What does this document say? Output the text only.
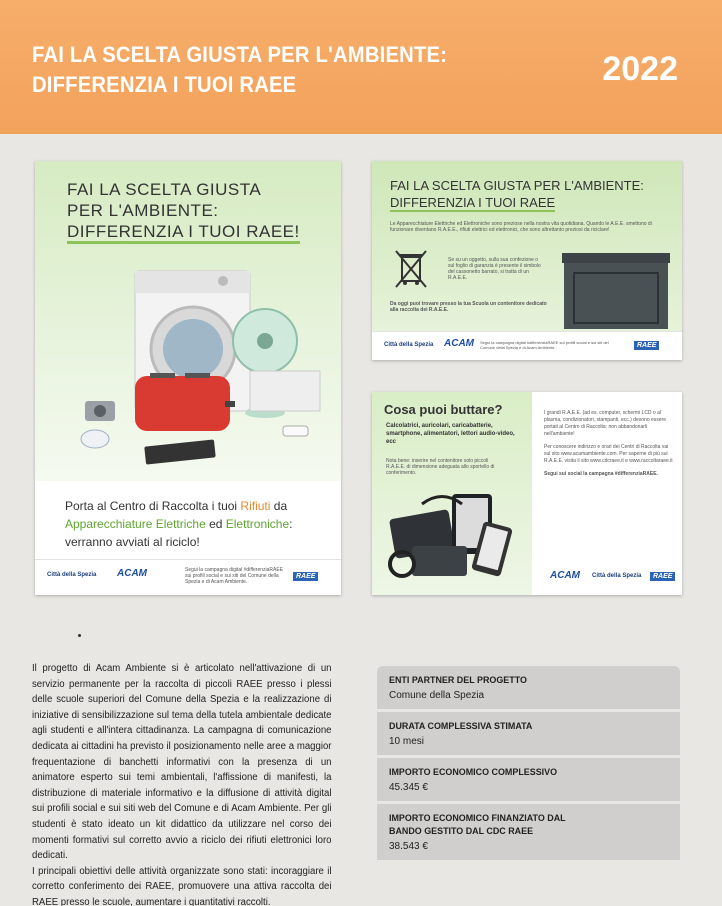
FAI LA SCELTA GIUSTA PER L'AMBIENTE:
DIFFERENZIA I TUOI RAEE	2022
FAI LA SCELTA GIUSTA
PER L'AMBIENTE:
DIFFERENZIA I TUOI RAEE!
Porta al Centro di Raccolta i tuoi Rifiuti da Apparecchiature Elettriche ed Elettroniche: verranno avviati al riciclo!
Città della Spezia ACAM	Segui la campagna digital #differenziaRAEE sui profili social e sui siti del Comune della Spezia e di Acam Ambiente.
RAEE
FAI LA SCELTA GIUSTA PER L'AMBIENTE:
DIFFERENZIA I TUOI RAEE
Le Apparecchiature Elettriche ed Elettroniche sono preziose nella nostra vita quotidiana. Quando le A.E.E. smettono di funzionare diventano R.A.E.E., rifiuti elettrici ed elettronici, che sono altrettanto preziosi da riciclare!
Se su un oggetto, sulla sua confezione o sul foglio di garanzia è presente il simbolo del cassonetto barrato, si tratta di un R.A.E.E.
Da oggi puoi trovare presso la tua Scuola un contenitore dedicato alla raccolta dei R.A.E.E.
Città della Spezia ACAM Segui la campagna digital #differenziaRAEE sui profili social e sui siti del Comune della Spezia e di Acam Ambiente.	RAEE
Cosa puoi buttare?
Calcolatrici, auricolari, caricabatterie, smartphone, alimentatori, lettori audio-video, ecc
Nota bene: inserire nel contenitore solo piccoli R.A.E.E. di dimensione adeguata allo sportello di conferimento.

I grandi R.A.E.E. (ad es. computer, schermi LCD o al plasma, condizionatori, stampanti, ecc.) devono essere portati al Centro di Raccolta: non abbandonarli nell'ambiente!

Per conoscere indirizzo e orari dei Centri di Raccolta vai sul sito www.acamambiente.com. Per saperne di più sui R.A.E.E. visita il sito www.cdcraee.it e www.raccoltaraee.it

Segui sui social la campagna #differenziaRAEE.

ACAM Città della Spezia	RAEE

Il progetto di Acam Ambiente si è articolato nell'attivazione di un servizio permanente per la raccolta di piccoli RAEE presso i plessi delle scuole superiori del Comune della Spezia e la realizzazione di iniziative di sensibilizzazione sul tema della tutela ambientale dedicate agli studenti e all'intera cittadinanza. La campagna di comunicazione dedicata ai cittadini ha previsto il posizionamento nelle aree a maggior frequentazione di banchetti informativi con la presenza di un animatore esperto sui temi ambientali, l'affissione di manifesti, la distribuzione di materiale informativo e la diffusione di attività digital sui profili social e sui siti web del Comune e di Acam Ambiente. Per gli studenti è stato ideato un kit didattico da utilizzare nel corso dei momenti formativi sul corretto avvio a riciclo dei rifiuti elettronici loro dedicati.

I principali obiettivi delle attività organizzate sono stati: incoraggiare il corretto conferimento dei RAEE, promuovere una attiva raccolta dei RAEE presso le scuole, aumentare i quantitativi raccolti.

ENTI PARTNER DEL PROGETTO
Comune della Spezia
DURATA COMPLESSIVA STIMATA
10 mesi
IMPORTO ECONOMICO COMPLESSIVO
45.345 €
IMPORTO ECONOMICO FINANZIATO DAL BANDO GESTITO DAL CDC RAEE
38.543 €
